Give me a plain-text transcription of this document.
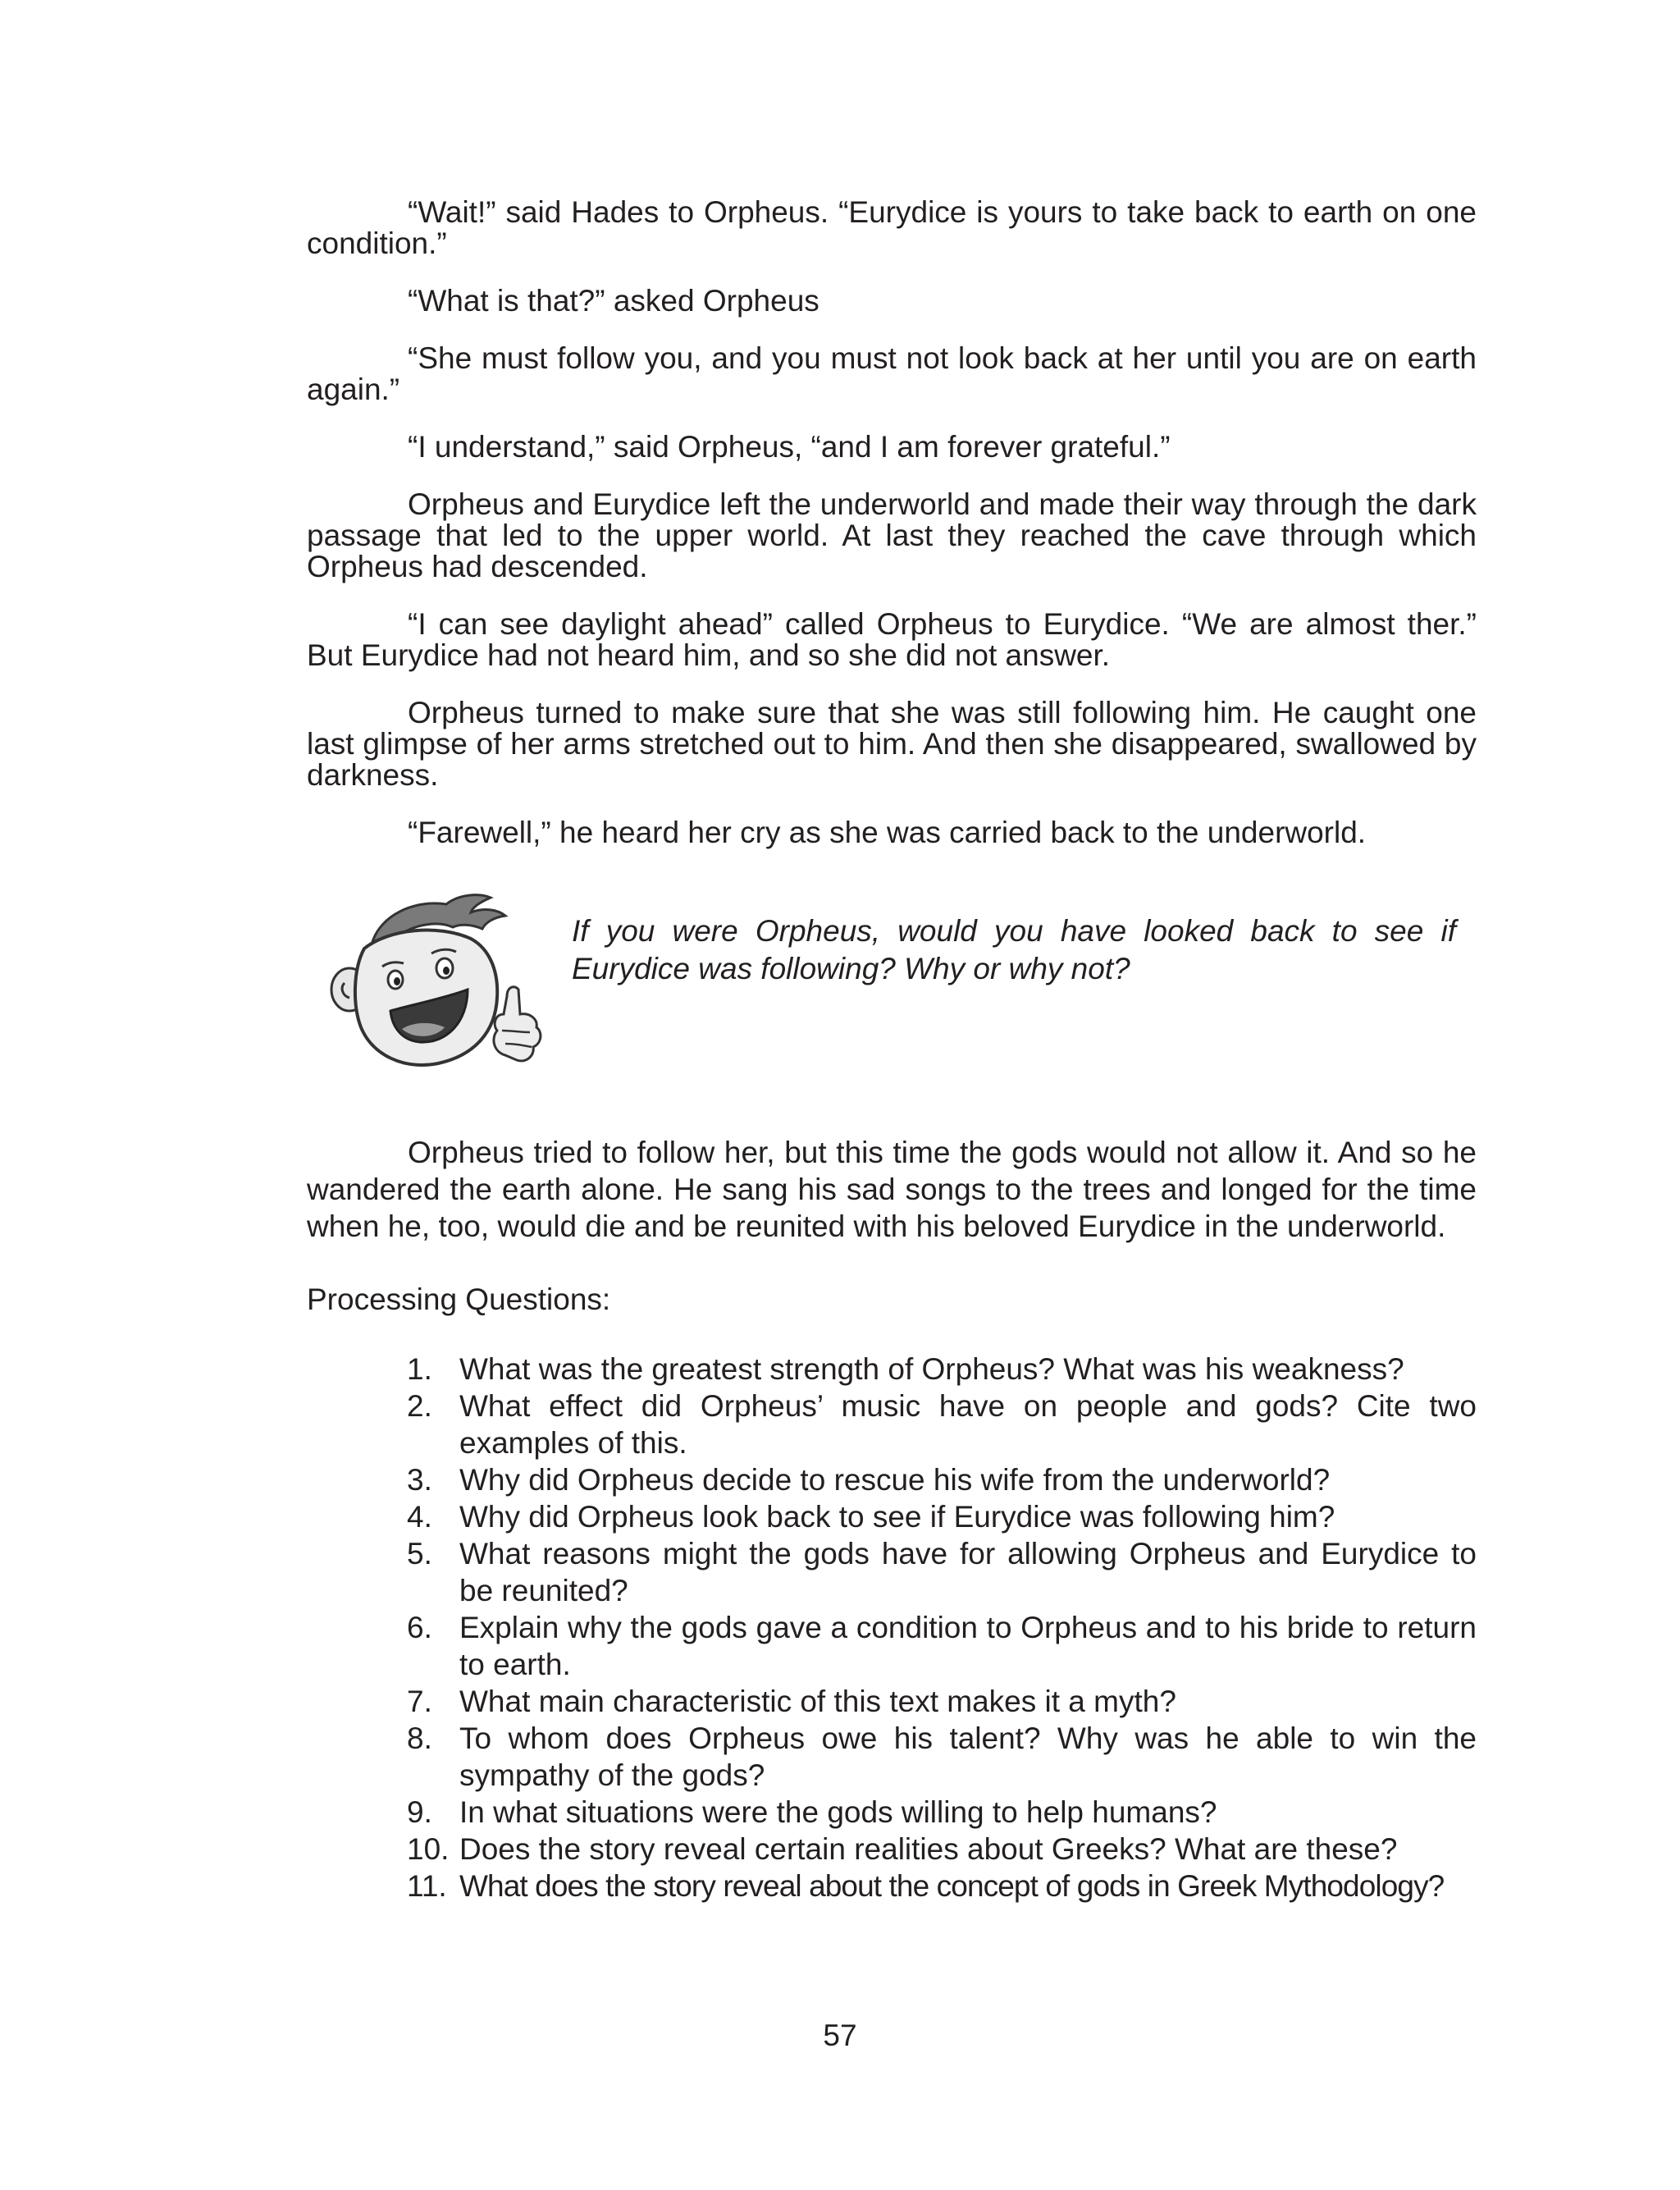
“Wait!” said Hades to Orpheus. “Eurydice is yours to take back to earth on one condition.”

“What is that?” asked Orpheus

“She must follow you, and you must not look back at her until you are on earth again.”

“I understand,” said Orpheus, “and I am forever grateful.”

Orpheus and Eurydice left the underworld and made their way through the dark passage that led to the upper world. At last they reached the cave through which Orpheus had descended.

“I can see daylight ahead” called Orpheus to Eurydice. “We are almost ther.” But Eurydice had not heard him, and so she did not answer.

Orpheus turned to make sure that she was still following him. He caught one last glimpse of her arms stretched out to him. And then she disappeared, swallowed by darkness.

“Farewell,” he heard her cry as she was carried back to the underworld.

If you were Orpheus, would you have looked back to see if Eurydice was following? Why or why not?

Orpheus tried to follow her, but this time the gods would not allow it. And so he wandered the earth alone. He sang his sad songs to the trees and longed for the time when he, too, would die and be reunited with his beloved Eurydice in the underworld.

Processing Questions:
1. What was the greatest strength of Orpheus? What was his weakness?
2. What effect did Orpheus’ music have on people and gods? Cite two examples of this.
3. Why did Orpheus decide to rescue his wife from the underworld?
4. Why did Orpheus look back to see if Eurydice was following him?
5. What reasons might the gods have for allowing Orpheus and Eurydice to be reunited?
6. Explain why the gods gave a condition to Orpheus and to his bride to return to earth.
7. What main characteristic of this text makes it a myth?
8. To whom does Orpheus owe his talent? Why was he able to win the sympathy of the gods?
9. In what situations were the gods willing to help humans?
10. Does the story reveal certain realities about Greeks? What are these?
11. What does the story reveal about the concept of gods in Greek Mythodology?
57
